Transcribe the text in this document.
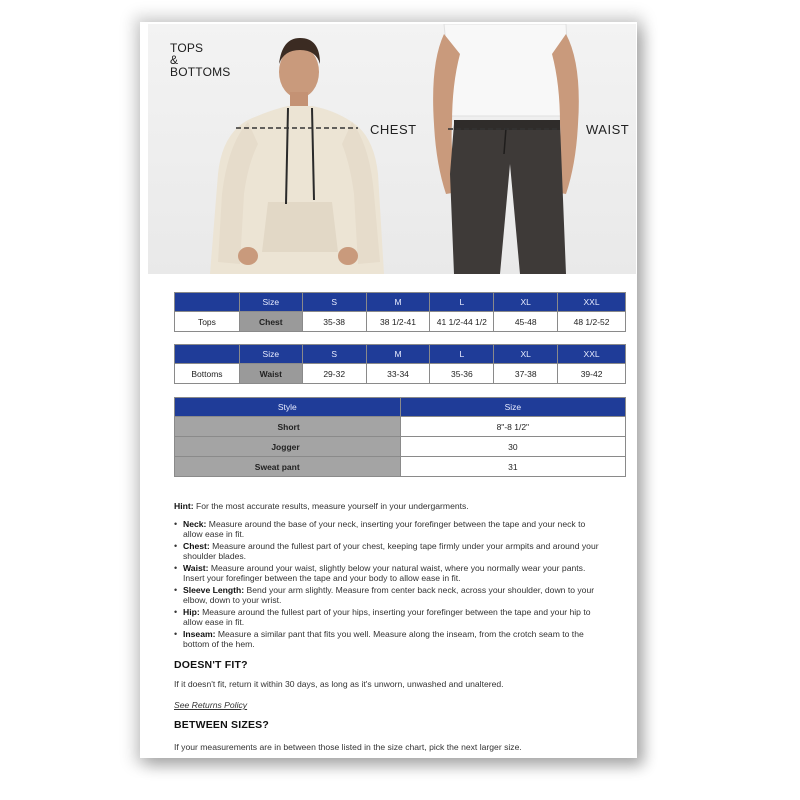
TOPS
&
BOTTOMS
CHEST	WAIST
	Size	S	M	L	XL	XXL
Tops	Chest	35-38	38 1/2-41	41 1/2-44 1/2	45-48	48 1/2-52
	Size	S	M	L	XL	XXL
Bottoms	Waist	29-32	33-34	35-36	37-38	39-42
Style	Size
Short	8"-8 1/2"
Jogger	30
Sweat pant	31
Hint: For the most accurate results, measure yourself in your undergarments.
• Neck: Measure around the base of your neck, inserting your forefinger between the tape and your neck to allow ease in fit.
• Chest: Measure around the fullest part of your chest, keeping tape firmly under your armpits and around your shoulder blades.
• Waist: Measure around your waist, slightly below your natural waist, where you normally wear your pants. Insert your forefinger between the tape and your body to allow ease in fit.
• Sleeve Length: Bend your arm slightly. Measure from center back neck, across your shoulder, down to your elbow, down to your wrist.
• Hip: Measure around the fullest part of your hips, inserting your forefinger between the tape and your hip to allow ease in fit.
• Inseam: Measure a similar pant that fits you well. Measure along the inseam, from the crotch seam to the bottom of the hem.
DOESN'T FIT?
If it doesn't fit, return it within 30 days, as long as it's unworn, unwashed and unaltered.
See Returns Policy
BETWEEN SIZES?
If your measurements are in between those listed in the size chart, pick the next larger size.
